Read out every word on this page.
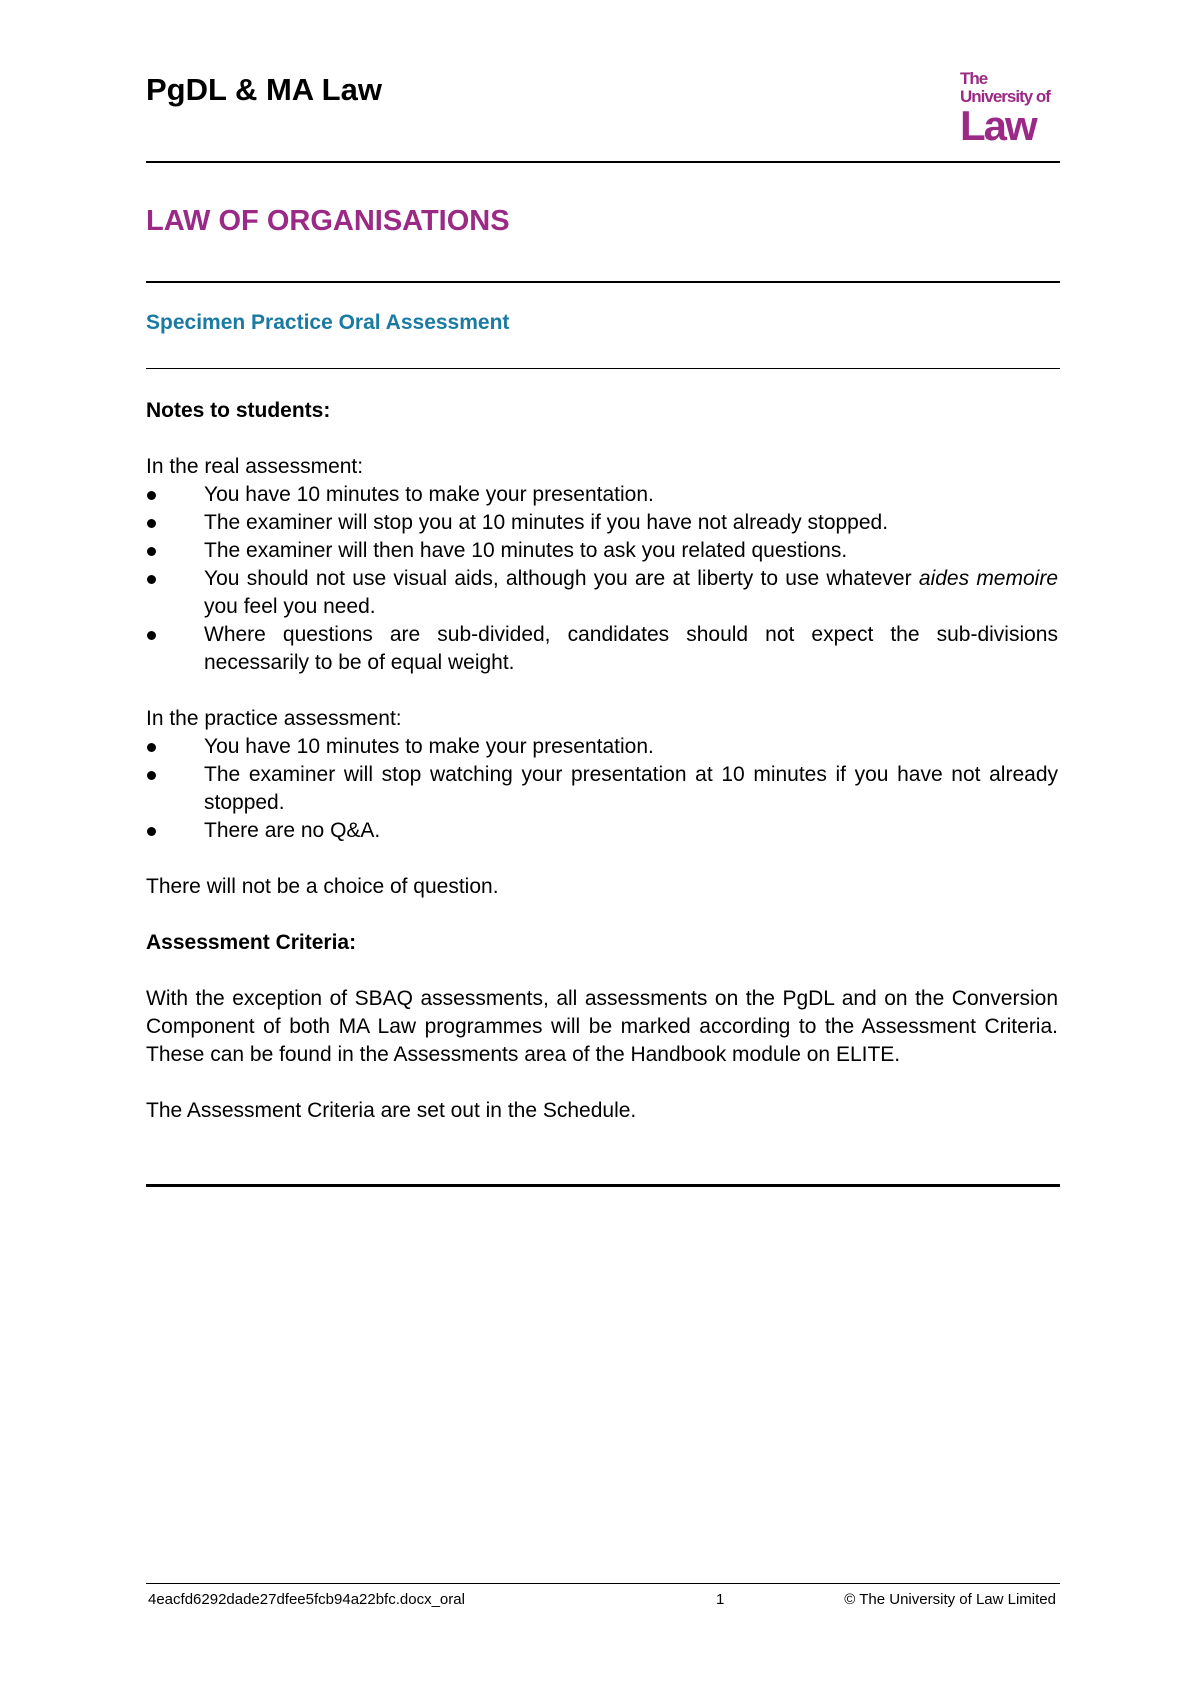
PgDL & MA Law	The
University of
Law
LAW OF ORGANISATIONS
Specimen Practice Oral Assessment

Notes to students:

In the real assessment:

You have 10 minutes to make your presentation.
The examiner will stop you at 10 minutes if you have not already stopped.
The examiner will then have 10 minutes to ask you related questions.
You should not use visual aids, although you are at liberty to use whatever aides memoire you feel you need.
Where questions are sub-divided, candidates should not expect the sub-divisions necessarily to be of equal weight.

In the practice assessment:

You have 10 minutes to make your presentation.
The examiner will stop watching your presentation at 10 minutes if you have not already stopped.
There are no Q&A.

There will not be a choice of question.

Assessment Criteria:

With the exception of SBAQ assessments, all assessments on the PgDL and on the Conversion Component of both MA Law programmes will be marked according to the Assessment Criteria. These can be found in the Assessments area of the Handbook module on ELITE.

The Assessment Criteria are set out in the Schedule.

4eacfd6292dade27dfee5fcb94a22bfc.docx_oral	1	© The University of Law Limited
